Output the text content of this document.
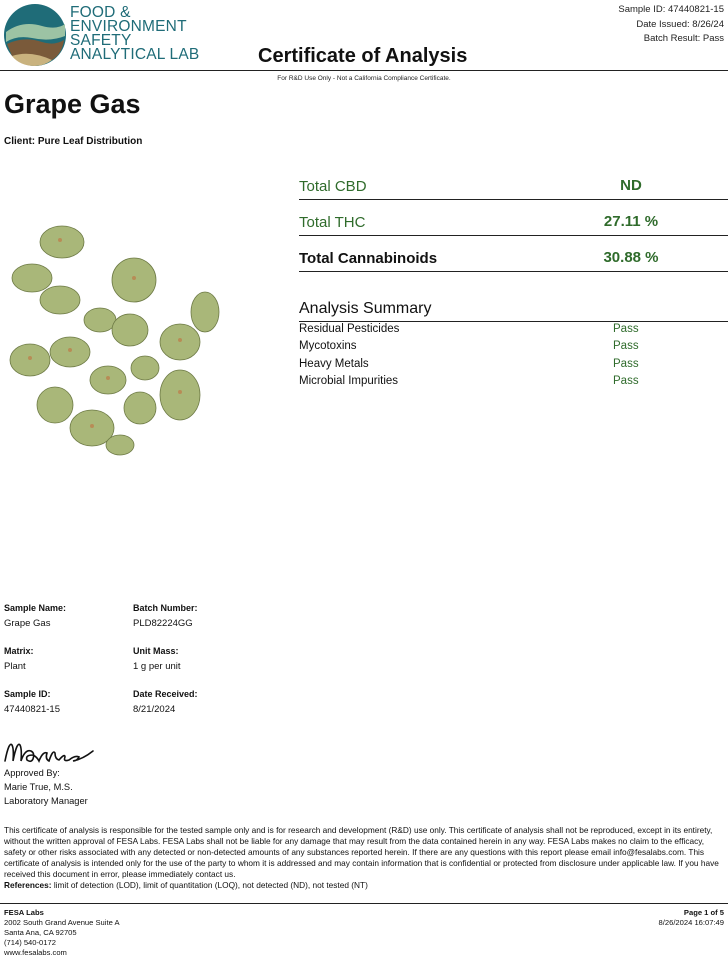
FOOD &
ENVIRONMENT
SAFETY
ANALYTICAL LAB
Sample ID: 47440821-15
Date Issued: 8/26/24
Batch Result: Pass
Certificate of Analysis
For R&D Use Only - Not a California Compliance Certificate.
Grape Gas
Client: Pure Leaf Distribution
Total CBD	ND
Total THC	27.11 %
Total Cannabinoids	30.88 %
Analysis Summary
Residual Pesticides	Pass
Mycotoxins	Pass
Heavy Metals	Pass
Microbial Impurities	Pass
Sample Name:
Grape Gas
Batch Number:
PLD82224GG
Matrix:
Plant
Unit Mass:
1 g per unit
Sample ID:
47440821-15
Date Received:
8/21/2024
Approved By:
Marie True, M.S.
Laboratory Manager
This certificate of analysis is responsible for the tested sample only and is for research and development (R&D) use only. This certificate of analysis shall not be reproduced, except in its entirety, without the written approval of FESA Labs. FESA Labs shall not be liable for any damage that may result from the data contained herein in any way. FESA Labs makes no claim to the efficacy, safety or other risks associated with any detected or non-detected amounts of any substances reported herein. If there are any questions with this report please email info@fesalabs.com. This certificate of analysis is intended only for the use of the party to whom it is addressed and may contain information that is confidential or protected from disclosure under applicable law. If you have received this document in error, please immediately contact us.
References: limit of detection (LOD), limit of quantitation (LOQ), not detected (ND), not tested (NT)
FESA Labs
2002 South Grand Avenue Suite A
Santa Ana, CA 92705
(714) 540-0172
www.fesalabs.com
Page 1 of 5
8/26/2024 16:07:49
